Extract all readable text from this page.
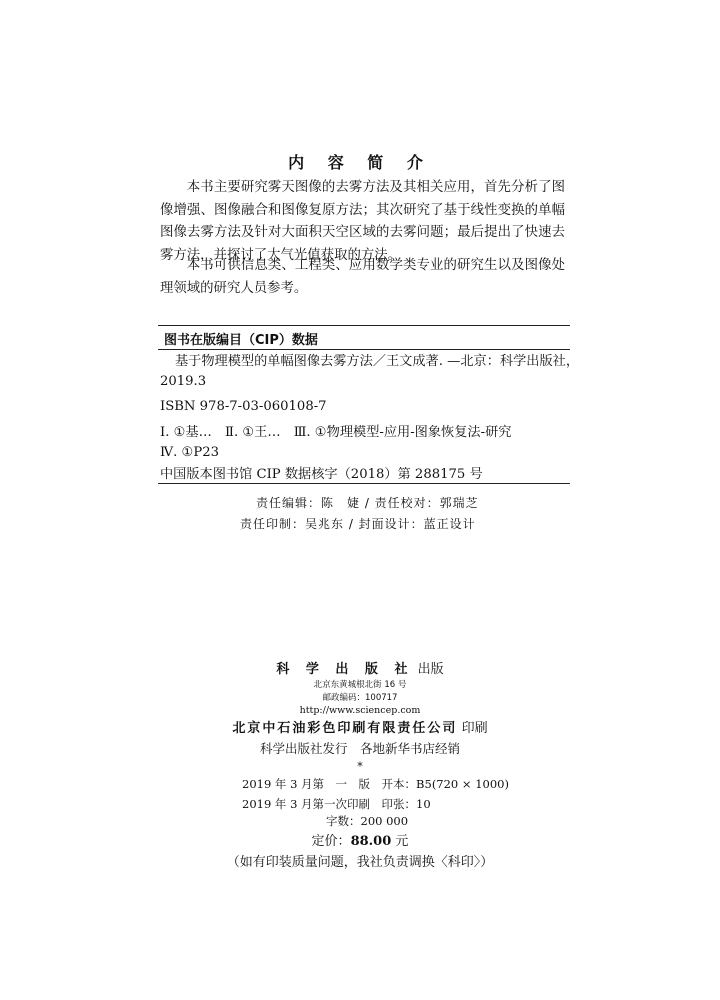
内 容 简 介

本书主要研究雾天图像的去雾方法及其相关应用，首先分析了图像增强、图像融合和图像复原方法；其次研究了基于线性变换的单幅图像去雾方法及针对大面积天空区域的去雾问题；最后提出了快速去雾方法，并探讨了大气光值获取的方法。

本书可供信息类、工程类、应用数学类专业的研究生以及图像处理领域的研究人员参考。

图书在版编目（CIP）数据
基于物理模型的单幅图像去雾方法／王文成著. —北京：科学出版社，
2019.3
ISBN 978-7-03-060108-7
Ⅰ. ①基…　Ⅱ. ①王…　Ⅲ. ①物理模型-应用-图象恢复法-研究
Ⅳ. ①P23
中国版本图书馆 CIP 数据核字（2018）第 288175 号
责任编辑：陈　婕 / 责任校对：郭瑞芝
责任印制：吴兆东 / 封面设计：蓝正设计
科 学 出 版 社 出版
北京东黄城根北街 16 号
邮政编码：100717
http://www.sciencep.com
北京中石油彩色印刷有限责任公司 印刷
科学出版社发行　各地新华书店经销
*
2019 年 3 月第　一　版　开本：B5(720 × 1000)
2019 年 3 月第一次印刷　印张：10
字数：200 000
定价：88.00 元
（如有印装质量问题，我社负责调换〈科印〉）
